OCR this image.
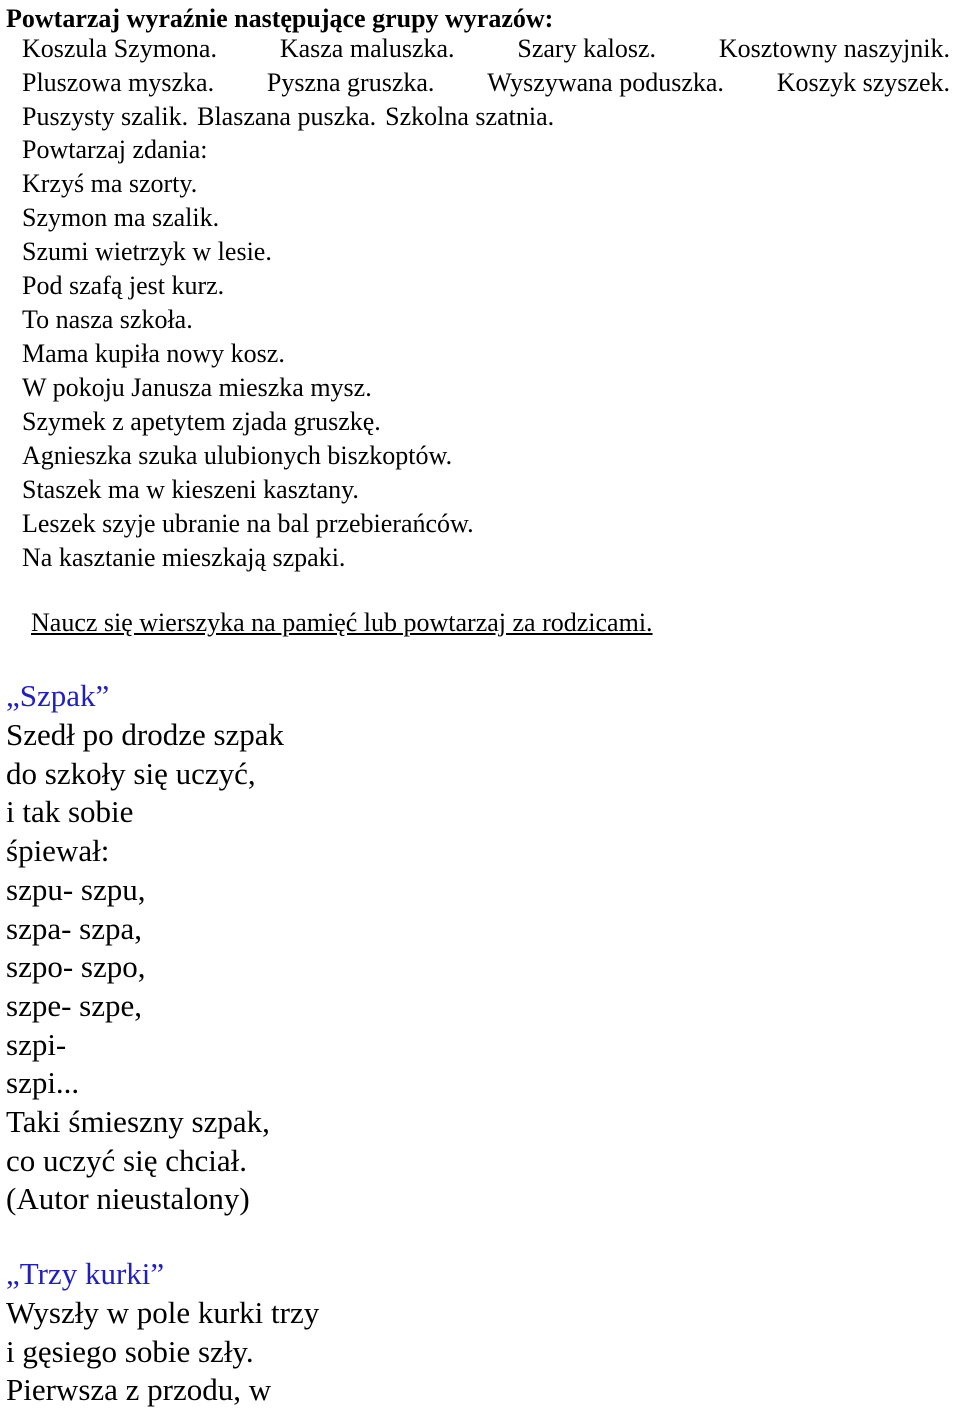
Powtarzaj wyraźnie następujące grupy wyrazów:
Koszula Szymona. Kasza maluszka. Szary kalosz. Kosztowny naszyjnik.
Pluszowa myszka. Pyszna gruszka. Wyszywana poduszka. Koszyk szyszek.
Puszysty szalik. Blaszana puszka. Szkolna szatnia.
Powtarzaj zdania:
Krzyś ma szorty.
Szymon ma szalik.
Szumi wietrzyk w lesie.
Pod szafą jest kurz.
To nasza szkoła.
Mama kupiła nowy kosz.
W pokoju Janusza mieszka mysz.
Szymek z apetytem zjada gruszkę.
Agnieszka szuka ulubionych biszkoptów.
Staszek ma w kieszeni kasztany.
Leszek szyje ubranie na bal przebierańców.
Na kasztanie mieszkają szpaki.
Naucz się wierszyka na pamięć lub powtarzaj za rodzicami.
„Szpak”
Szedł po drodze szpak
do szkoły się uczyć,
i tak sobie
śpiewał:
szpu- szpu,
szpa- szpa,
szpo- szpo,
szpe- szpe,
szpi-
szpi...
Taki śmieszny szpak,
co uczyć się chciał.
(Autor nieustalony)
„Trzy kurki”
Wyszły w pole kurki trzy
i gęsiego sobie szły.
Pierwsza z przodu, w
